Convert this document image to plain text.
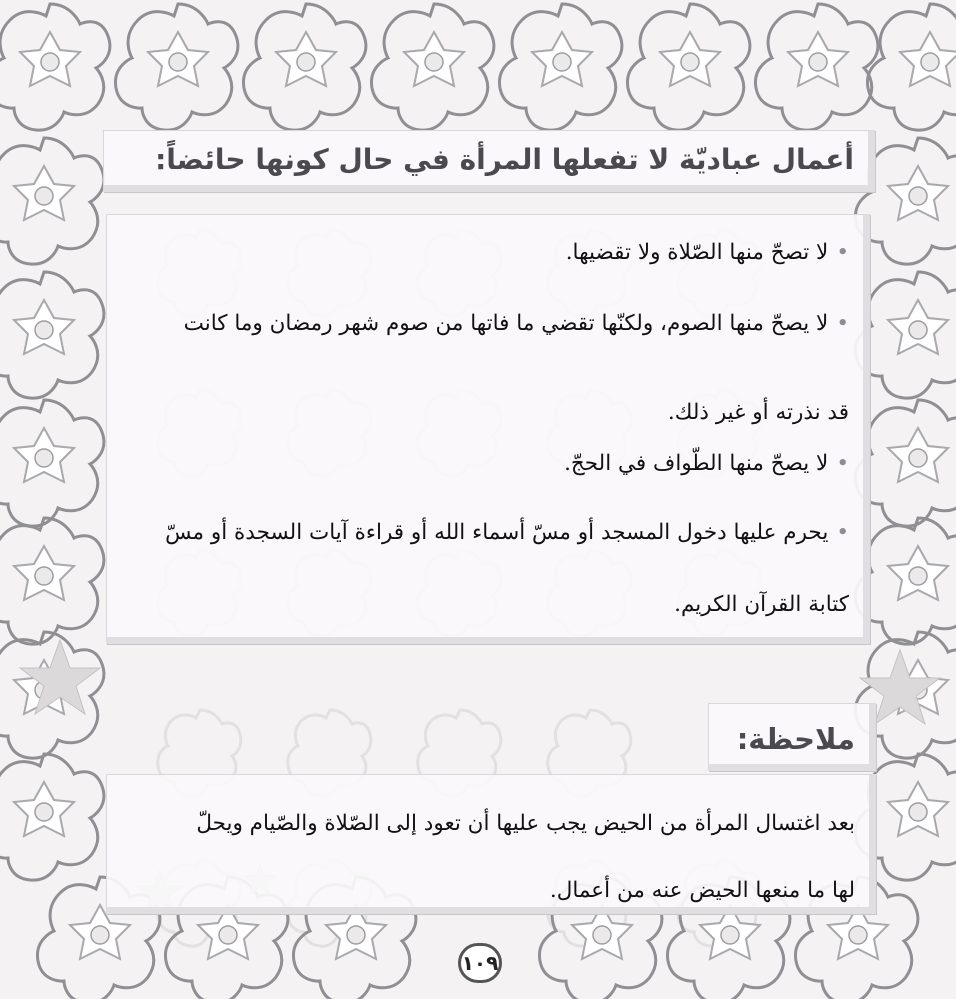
أعمال عباديّة لا تفعلها المرأة في حال كونها حائضاً:
•لا تصحّ منها الصّلاة ولا تقضيها.
•لا يصحّ منها الصوم، ولكنّها تقضي ما فاتها من صوم شهر رمضان وما كانت
قد نذرته أو غير ذلك.
•لا يصحّ منها الطّواف في الحجّ.
•يحرم عليها دخول المسجد أو مسّ أسماء الله أو قراءة آيات السجدة أو مسّ
كتابة القرآن الكريم.
ملاحظة:
بعد اغتسال المرأة من الحيض يجب عليها أن تعود إلى الصّلاة والصّيام ويحلّ
لها ما منعها الحيض عنه من أعمال.
١٠٩
